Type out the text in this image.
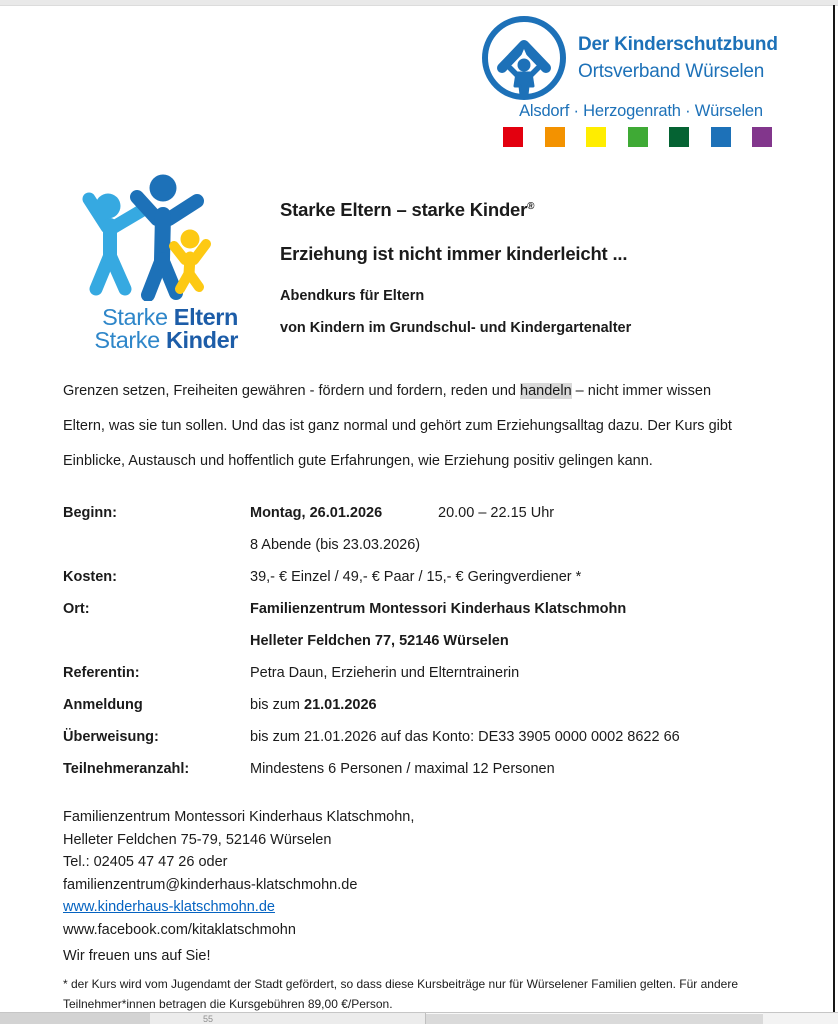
Der Kinderschutzbund
Ortsverband Würselen
Alsdorf · Herzogenrath · Würselen
Starke Eltern
Starke Kinder
Starke Eltern – starke Kinder®
Erziehung ist nicht immer kinderleicht ...
Abendkurs für Eltern
von Kindern im Grundschul- und Kindergartenalter
Grenzen setzen, Freiheiten gewähren - fördern und fordern, reden und handeln – nicht immer wissen
Eltern, was sie tun sollen. Und das ist ganz normal und gehört zum Erziehungsalltag dazu. Der Kurs gibt
Einblicke, Austausch und hoffentlich gute Erfahrungen, wie Erziehung positiv gelingen kann.
Beginn:	Montag, 26.01.2026	20.00 – 22.15 Uhr
8 Abende (bis 23.03.2026)
Kosten:	39,- € Einzel / 49,- € Paar / 15,- € Geringverdiener *
Ort:	Familienzentrum Montessori Kinderhaus Klatschmohn
Helleter Feldchen 77, 52146 Würselen
Referentin:	Petra Daun, Erzieherin und Elterntrainerin
Anmeldung	bis zum 21.01.2026
Überweisung:	bis zum 21.01.2026 auf das Konto: DE33 3905 0000 0002 8622 66
Teilnehmeranzahl:	Mindestens 6 Personen / maximal 12 Personen
Familienzentrum Montessori Kinderhaus Klatschmohn,
Helleter Feldchen 75-79, 52146 Würselen
Tel.: 02405 47 47 26 oder
familienzentrum@kinderhaus-klatschmohn.de
www.kinderhaus-klatschmohn.de
www.facebook.com/kitaklatschmohn
Wir freuen uns auf Sie!
* der Kurs wird vom Jugendamt der Stadt gefördert, so dass diese Kursbeiträge nur für Würselener Familien gelten. Für andere Teilnehmer*innen betragen die Kursgebühren 89,00 €/Person.
55
